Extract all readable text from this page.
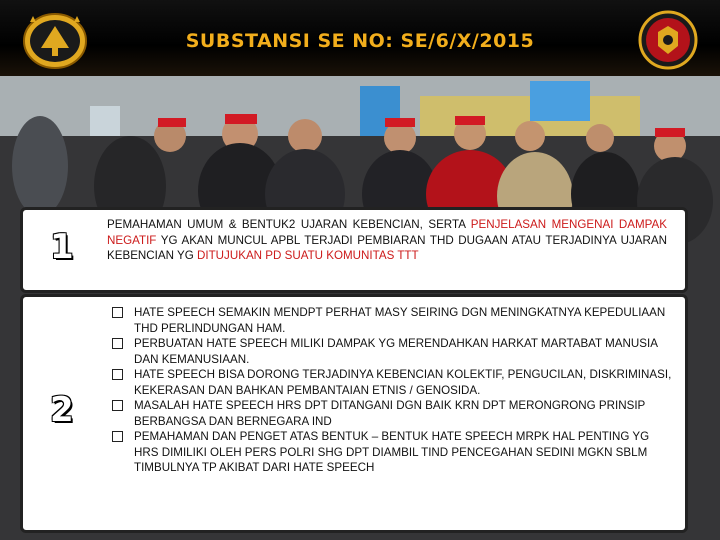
SUBSTANSI SE NO: SE/6/X/2015
1
PEMAHAMAN UMUM & BENTUK2 UJARAN KEBENCIAN, SERTA PENJELASAN MENGENAI DAMPAK NEGATIF YG AKAN MUNCUL APBL TERJADI PEMBIARAN THD DUGAAN ATAU TERJADINYA UJARAN KEBENCIAN YG DITUJUKAN PD SUATU KOMUNITAS TTT
2
HATE SPEECH SEMAKIN MENDPT PERHAT MASY SEIRING DGN MENINGKATNYA KEPEDULIAAN THD PERLINDUNGAN HAM.
PERBUATAN HATE SPEECH MILIKI DAMPAK YG MERENDAHKAN HARKAT MARTABAT MANUSIA DAN KEMANUSIAAN.
HATE SPEECH BISA DORONG TERJADINYA KEBENCIAN KOLEKTIF, PENGUCILAN, DISKRIMINASI, KEKERASAN DAN BAHKAN PEMBANTAIAN ETNIS / GENOSIDA.
MASALAH HATE SPEECH HRS DPT DITANGANI DGN BAIK KRN DPT MERONGRONG PRINSIP BERBANGSA DAN BERNEGARA IND
PEMAHAMAN DAN PENGET ATAS BENTUK – BENTUK HATE SPEECH MRPK HAL PENTING YG HRS DIMILIKI OLEH PERS POLRI SHG DPT DIAMBIL TIND PENCEGAHAN SEDINI MGKN SBLM TIMBULNYA TP AKIBAT DARI HATE SPEECH
